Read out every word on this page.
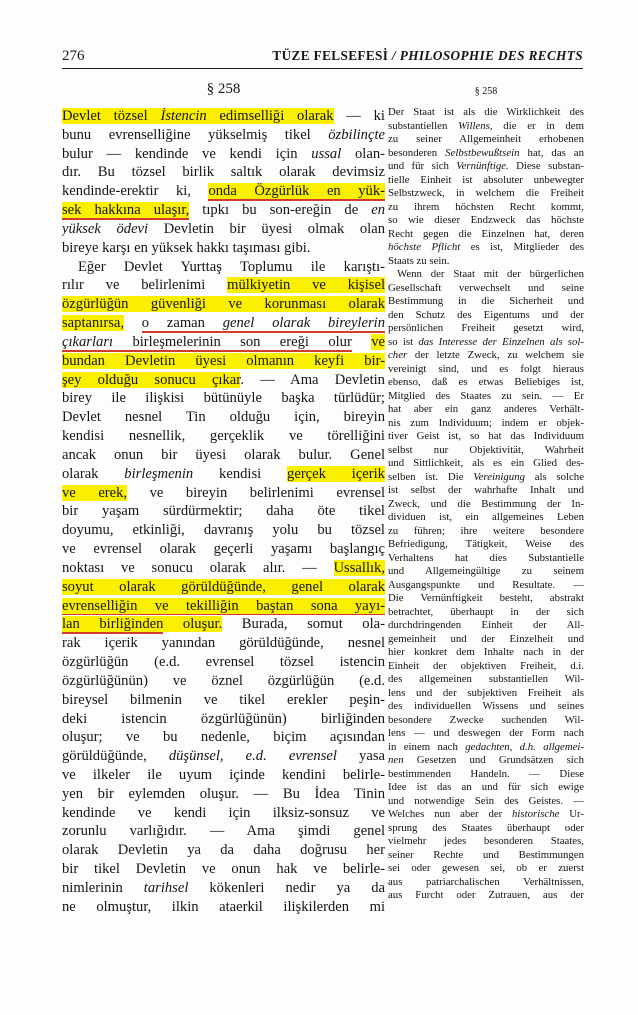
276	TÜZE FELSEFESİ / PHILOSOPHIE DES RECHTS
§ 258
Devlet tözsel İstencin edimselliği olarak — ki
bunu evrenselliğine yükselmiş tikel özbilinçte
bulur — kendinde ve kendi için ussal olan-
dır. Bu tözsel birlik saltık olarak devimsiz
kendinde-erektir ki, onda Özgürlük en yük-
sek hakkına ulaşır, tıpkı bu son-ereğin de en
yüksek ödevi Devletin bir üyesi olmak olan
bireye karşı en yüksek hakkı taşıması gibi.
Eğer Devlet Yurttaş Toplumu ile karıştı-
rılır ve belirlenimi mülkiyetin ve kişisel
özgürlüğün güvenliği ve korunması olarak
saptanırsa, o zaman genel olarak bireylerin
çıkarları birleşmelerinin son ereği olur ve
bundan Devletin üyesi olmanın keyfi bir-
şey olduğu sonucu çıkar. — Ama Devletin
birey ile ilişkisi bütünüyle başka türlüdür;
Devlet nesnel Tin olduğu için, bireyin
kendisi nesnellik, gerçeklik ve törelliğini
ancak onun bir üyesi olarak bulur. Genel
olarak birleşmenin kendisi gerçek içerik
ve erek, ve bireyin belirlenimi evrensel
bir yaşam sürdürmektir; daha öte tikel
doyumu, etkinliği, davranış yolu bu tözsel
ve evrensel olarak geçerli yaşamı başlangıç
noktası ve sonucu olarak alır. — Ussallık,
soyut olarak görüldüğünde, genel olarak
evrenselliğin ve tekilliğin baştan sona yayı-
lan birliğinden oluşur. Burada, somut ola-
rak içerik yanından görüldüğünde, nesnel
özgürlüğün (e.d. evrensel tözsel istencin
özgürlüğünün) ve öznel özgürlüğün (e.d.
bireysel bilmenin ve tikel erekler peşin-
deki istencin özgürlüğünün) birliğinden
oluşur; ve bu nedenle, biçim açısından
görüldüğünde, düşünsel, e.d. evrensel yasa
ve ilkeler ile uyum içinde kendini belirle-
yen bir eylemden oluşur. — Bu İdea Tinin
kendinde ve kendi için ilksiz-sonsuz ve
zorunlu varlığıdır. — Ama şimdi genel
olarak Devletin ya da daha doğrusu her
bir tikel Devletin ve onun hak ve belirle-
nimlerinin tarihsel kökenleri nedir ya da
ne olmuştur, ilkin ataerkil ilişkilerden mi
§ 258
Der Staat ist als die Wirklichkeit des
substantiellen Willens, die er in dem
zu seiner Allgemeinheit erhobenen
besonderen Selbstbewußtsein hat, das an
und für sich Vernünftige. Diese substan-
tielle Einheit ist absoluter unbewegter
Selbstzweck, in welchem die Freiheit
zu ihrem höchsten Recht kommt,
so wie dieser Endzweck das höchste
Recht gegen die Einzelnen hat, deren
höchste Pflicht es ist, Mitglieder des
Staats zu sein.
Wenn der Staat mit der bürgerlichen
Gesellschaft verwechselt und seine
Bestimmung in die Sicherheit und
den Schutz des Eigentums und der
persönlichen Freiheit gesetzt wird,
so ist das Interesse der Einzelnen als sol-
cher der letzte Zweck, zu welchem sie
vereinigt sind, und es folgt hieraus
ebenso, daß es etwas Beliebiges ist,
Mitglied des Staates zu sein. — Er
hat aber ein ganz anderes Verhält-
nis zum Individuum; indem er objek-
tiver Geist ist, so hat das Individuum
selbst nur Objektivität, Wahrheit
und Sittlichkeit, als es ein Glied des-
selben ist. Die Vereinigung als solche
ist selbst der wahrhafte Inhalt und
Zweck, und die Bestimmung der In-
dividuen ist, ein allgemeines Leben
zu führen; ihre weitere besondere
Befriedigung, Tätigkeit, Weise des
Verhaltens hat dies Substantielle
und Allgemeingültige zu seinem
Ausgangspunkte und Resultate. —
Die Vernünftigkeit besteht, abstrakt
betrachtet, überhaupt in der sich
durchdringenden Einheit der All-
gemeinheit und der Einzelheit und
hier konkret dem Inhalte nach in der
Einheit der objektiven Freiheit, d.i.
des allgemeinen substantiellen Wil-
lens und der subjektiven Freiheit als
des individuellen Wissens und seines
besondere Zwecke suchenden Wil-
lens — und deswegen der Form nach
in einem nach gedachten, d.h. allgemei-
nen Gesetzen und Grundsätzen sich
bestimmenden Handeln. — Diese
Idee ist das an und für sich ewige
und notwendige Sein des Geistes. —
Welches nun aber der historische Ur-
sprung des Staates überhaupt oder
vielmehr jedes besonderen Staates,
seiner Rechte und Bestimmungen
sei oder gewesen sei, ob er zuerst
aus patriarchalischen Verhältnissen,
aus Furcht oder Zutrauen, aus der
